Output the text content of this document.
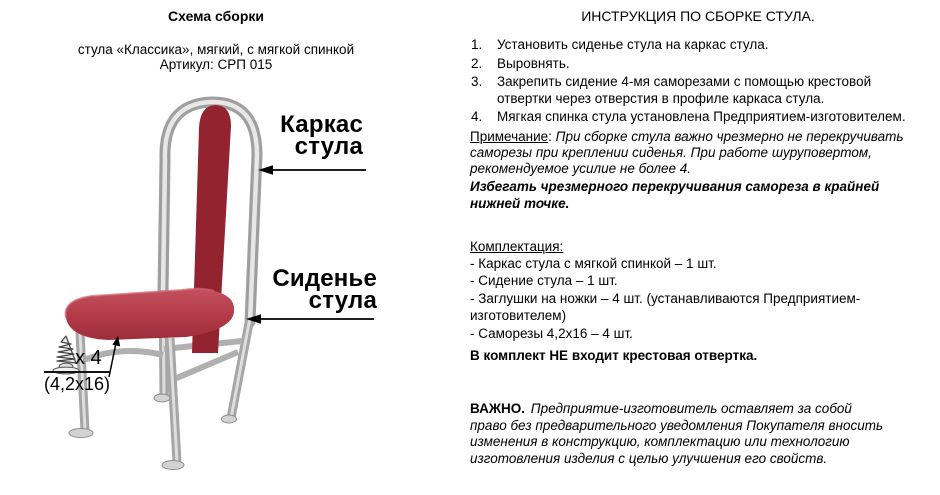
Схема сборки
стула «Классика», мягкий, с мягкой спинкой
Артикул: СРП 015
Каркас
стула
Сиденье
стула
x 4
(4,2х16)

ИНСТРУКЦИЯ ПО СБОРКЕ СТУЛА.

1.	Установить сиденье стула на каркас стула.
2.	Выровнять.
3.	Закрепить сидение 4-мя саморезами с помощью крестовой отвертки через отверстия в профиле каркаса стула.
4.	Мягкая спинка стула установлена Предприятием-изготовителем.

Примечание: При сборке стула важно чрезмерно не перекручивать саморезы при креплении сиденья. При работе шуруповертом, рекомендуемое усилие не более 4.

Избегать чрезмерного перекручивания самореза в крайней нижней точке.

Комплектация:
- Каркас стула с мягкой спинкой – 1 шт.
- Сидение стула – 1 шт.
- Заглушки на ножки – 4 шт. (устанавливаются Предприятием-изготовителем)
- Саморезы 4,2х16 – 4 шт.

В комплект НЕ входит крестовая отвертка.

ВАЖНО. Предприятие-изготовитель оставляет за собой право без предварительного уведомления Покупателя вносить изменения в конструкцию, комплектацию или технологию изготовления изделия с целью улучшения его свойств.
